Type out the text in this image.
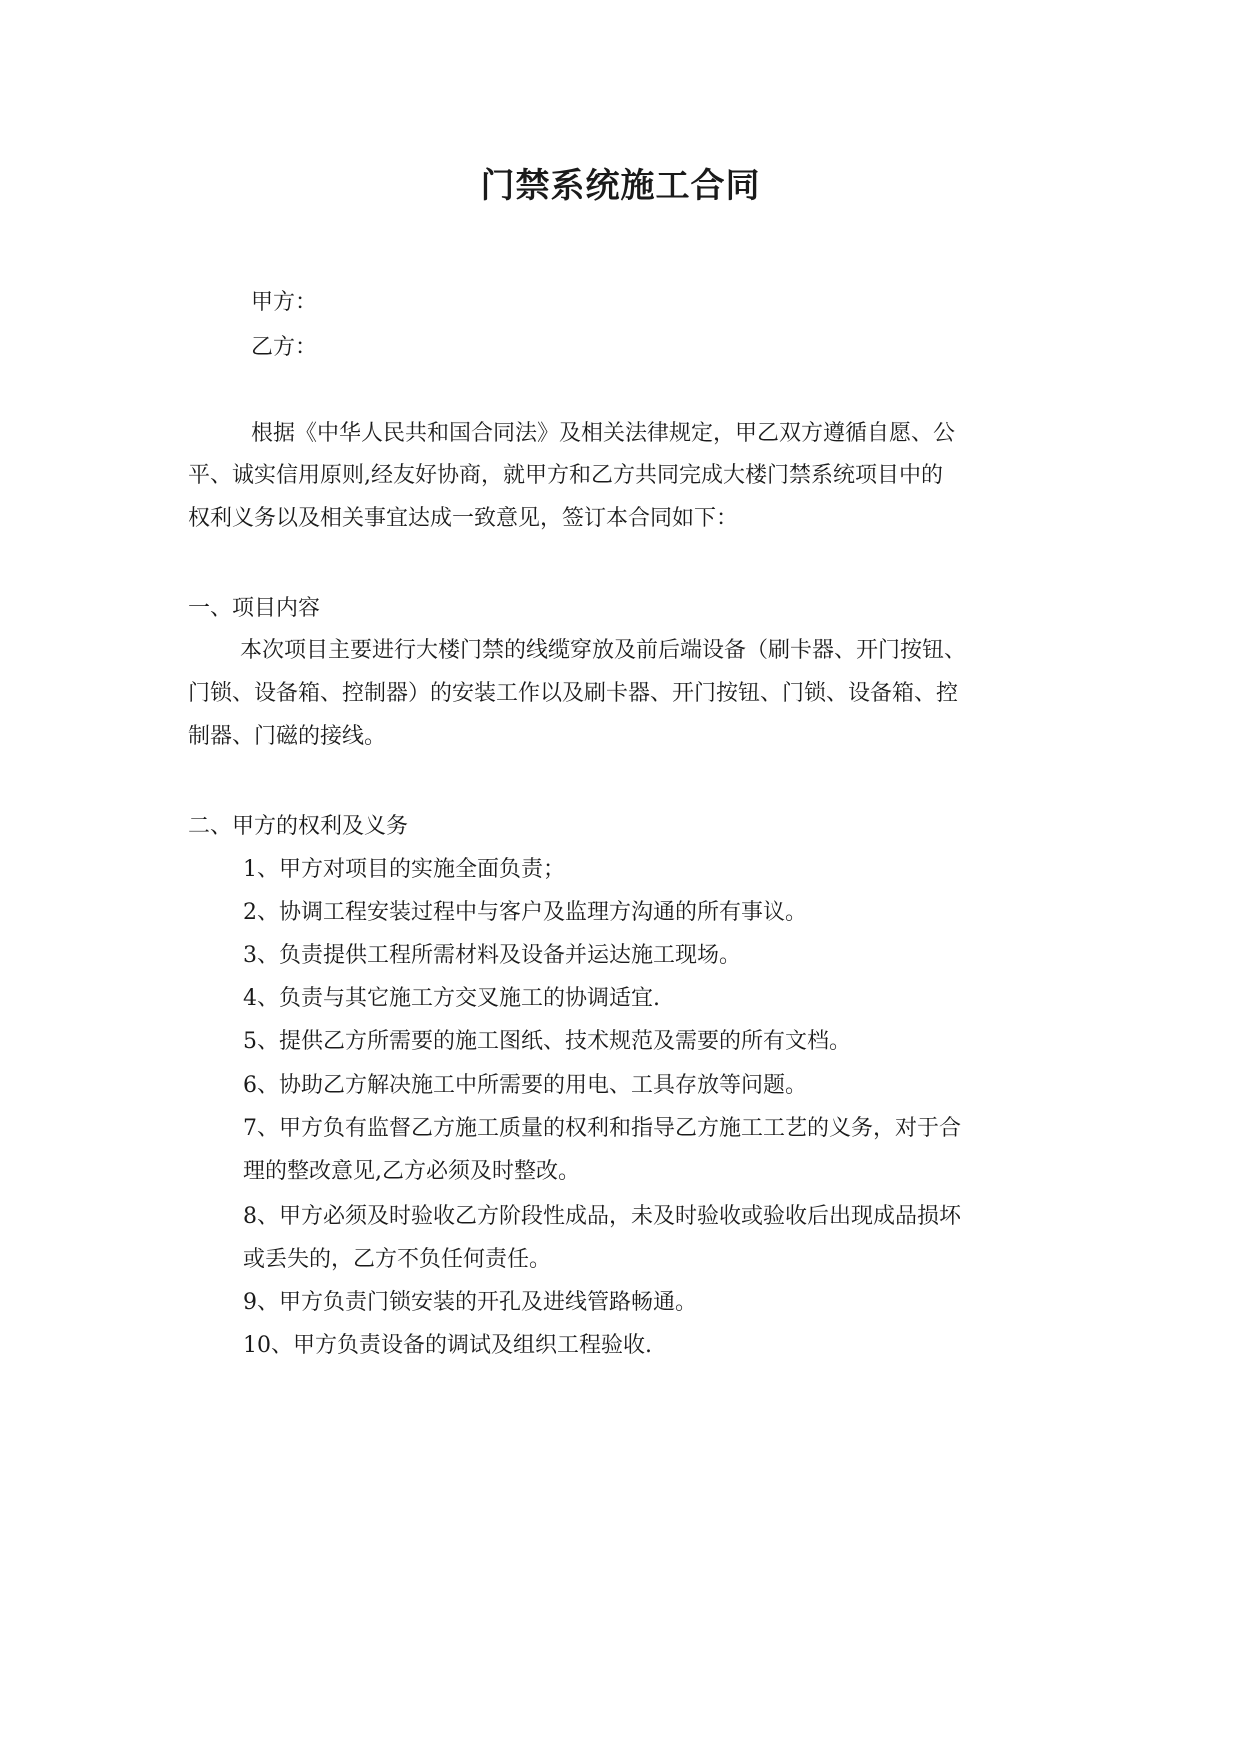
门禁系统施工合同
甲方：
乙方：
根据《中华人民共和国合同法》及相关法律规定，甲乙双方遵循自愿、公
平、诚实信用原则,经友好协商，就甲方和乙方共同完成大楼门禁系统项目中的
权利义务以及相关事宜达成一致意见，签订本合同如下：
一、项目内容
本次项目主要进行大楼门禁的线缆穿放及前后端设备（刷卡器、开门按钮、
门锁、设备箱、控制器）的安装工作以及刷卡器、开门按钮、门锁、设备箱、控
制器、门磁的接线。
二、甲方的权利及义务
1、甲方对项目的实施全面负责；
2、协调工程安装过程中与客户及监理方沟通的所有事议。
3、负责提供工程所需材料及设备并运达施工现场。
4、负责与其它施工方交叉施工的协调适宜.
5、提供乙方所需要的施工图纸、技术规范及需要的所有文档。
6、协助乙方解决施工中所需要的用电、工具存放等问题。
7、甲方负有监督乙方施工质量的权利和指导乙方施工工艺的义务，对于合
理的整改意见,乙方必须及时整改。
8、甲方必须及时验收乙方阶段性成品，未及时验收或验收后出现成品损坏
或丢失的，乙方不负任何责任。
9、甲方负责门锁安装的开孔及进线管路畅通。
10、甲方负责设备的调试及组织工程验收.
